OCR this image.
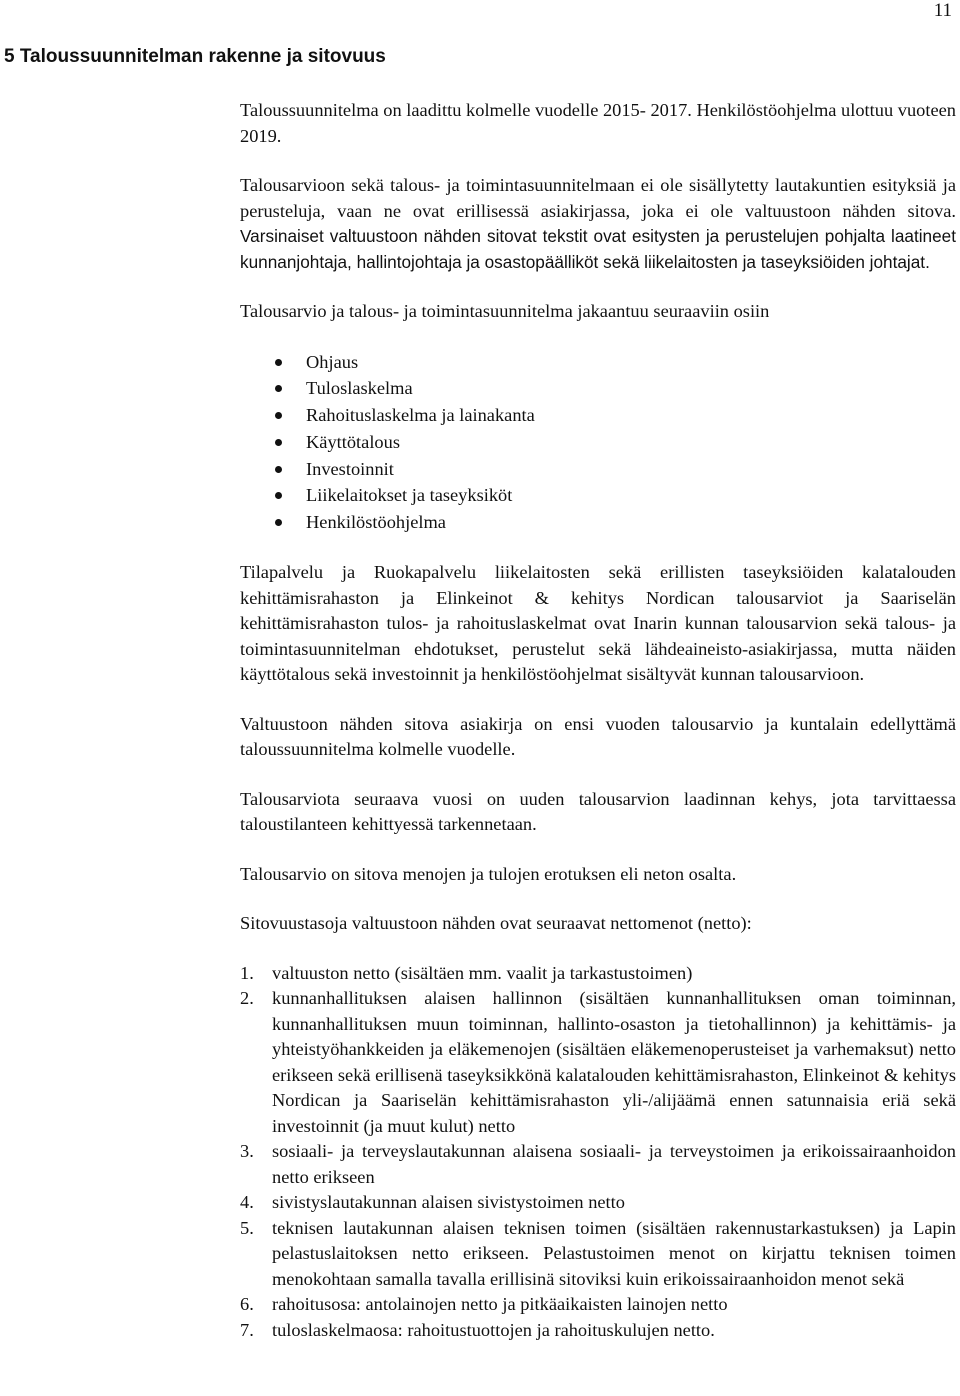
11
5 Taloussuunnitelman rakenne ja sitovuus

Taloussuunnitelma on laadittu kolmelle vuodelle 2015- 2017. Henkilöstöohjelma ulottuu vuoteen 2019.

Talousarvioon sekä talous- ja toimintasuunnitelmaan ei ole sisällytetty lautakuntien esityksiä ja perusteluja, vaan ne ovat erillisessä asiakirjassa, joka ei ole valtuustoon nähden sitova. Varsinaiset valtuustoon nähden sitovat tekstit ovat esitysten ja perustelujen pohjalta laatineet kunnanjohtaja, hallintojohtaja ja osastopäälliköt sekä liikelaitosten ja taseyksiöiden johtajat.

Talousarvio ja talous- ja toimintasuunnitelma jakaantuu seuraaviin osiin

Ohjaus
Tuloslaskelma
Rahoituslaskelma ja lainakanta
Käyttötalous
Investoinnit
Liikelaitokset ja taseyksiköt
Henkilöstöohjelma

Tilapalvelu ja Ruokapalvelu liikelaitosten sekä erillisten taseyksiöiden kalatalouden kehittämisrahaston ja Elinkeinot & kehitys Nordican talousarviot ja Saariselän kehittämisrahaston tulos- ja rahoituslaskelmat ovat Inarin kunnan talousarvion sekä talous- ja toimintasuunnitelman ehdotukset, perustelut sekä lähdeaineisto-asiakirjassa, mutta näiden käyttötalous sekä investoinnit ja henkilöstöohjelmat sisältyvät kunnan talousarvioon.

Valtuustoon nähden sitova asiakirja on ensi vuoden talousarvio ja kuntalain edellyttämä taloussuunnitelma kolmelle vuodelle.

Talousarviota seuraava vuosi on uuden talousarvion laadinnan kehys, jota tarvittaessa taloustilanteen kehittyessä tarkennetaan.

Talousarvio on sitova menojen ja tulojen erotuksen eli neton osalta.

Sitovuustasoja valtuustoon nähden ovat seuraavat nettomenot (netto):

1. valtuuston netto (sisältäen mm. vaalit ja tarkastustoimen)
2. kunnanhallituksen alaisen hallinnon (sisältäen kunnanhallituksen oman toiminnan, kunnanhallituksen muun toiminnan, hallinto-osaston ja tietohallinnon) ja kehittämis- ja yhteistyöhankkeiden ja eläkemenojen (sisältäen eläkemenoperusteiset ja varhemaksut) netto erikseen sekä erillisenä taseyksikkönä kalatalouden kehittämisrahaston, Elinkeinot & kehitys Nordican ja Saariselän kehittämisrahaston yli-/alijäämä ennen satunnaisia eriä sekä investoinnit (ja muut kulut) netto
3. sosiaali- ja terveyslautakunnan alaisena sosiaali- ja terveystoimen ja erikoissairaanhoidon netto erikseen
4. sivistyslautakunnan alaisen sivistystoimen netto
5. teknisen lautakunnan alaisen teknisen toimen (sisältäen rakennustarkastuksen) ja Lapin pelastuslaitoksen netto erikseen. Pelastustoimen menot on kirjattu teknisen toimen menokohtaan samalla tavalla erillisinä sitoviksi kuin erikoissairaanhoidon menot sekä
6. rahoitusosa: antolainojen netto ja pitkäaikaisten lainojen netto
7. tuloslaskelmaosa: rahoitustuottojen ja rahoituskulujen netto.
